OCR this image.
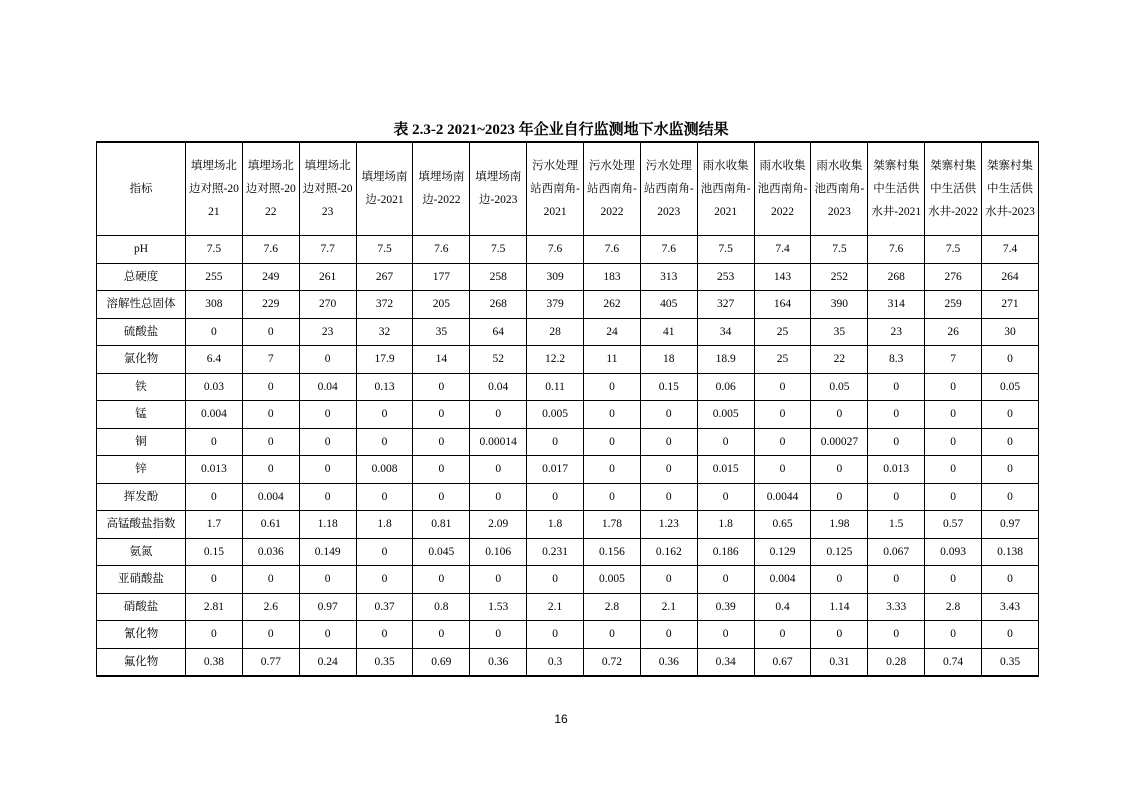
表 2.3-2 2021~2023 年企业自行监测地下水监测结果
指标	填埋场北边对照-2021	填埋场北边对照-2022	填埋场北边对照-2023	填埋场南边-2021	填埋场南边-2022	填埋场南边-2023	污水处理站西南角-2021	污水处理站西南角-2022	污水处理站西南角-2023	雨水收集池西南角-2021	雨水收集池西南角-2022	雨水收集池西南角-2023	桀寨村集中生活供水井-2021	桀寨村集中生活供水井-2022	桀寨村集中生活供水井-2023
pH	7.5	7.6	7.7	7.5	7.6	7.5	7.6	7.6	7.6	7.5	7.4	7.5	7.6	7.5	7.4
总硬度	255	249	261	267	177	258	309	183	313	253	143	252	268	276	264
溶解性总固体	308	229	270	372	205	268	379	262	405	327	164	390	314	259	271
硫酸盐	0	0	23	32	35	64	28	24	41	34	25	35	23	26	30
氯化物	6.4	7	0	17.9	14	52	12.2	11	18	18.9	25	22	8.3	7	0
铁	0.03	0	0.04	0.13	0	0.04	0.11	0	0.15	0.06	0	0.05	0	0	0.05
锰	0.004	0	0	0	0	0	0.005	0	0	0.005	0	0	0	0	0
铜	0	0	0	0	0	0.00014	0	0	0	0	0	0.00027	0	0	0
锌	0.013	0	0	0.008	0	0	0.017	0	0	0.015	0	0	0.013	0	0
挥发酚	0	0.004	0	0	0	0	0	0	0	0	0.0044	0	0	0	0
高锰酸盐指数	1.7	0.61	1.18	1.8	0.81	2.09	1.8	1.78	1.23	1.8	0.65	1.98	1.5	0.57	0.97
氨氮	0.15	0.036	0.149	0	0.045	0.106	0.231	0.156	0.162	0.186	0.129	0.125	0.067	0.093	0.138
亚硝酸盐	0	0	0	0	0	0	0	0.005	0	0	0.004	0	0	0	0
硝酸盐	2.81	2.6	0.97	0.37	0.8	1.53	2.1	2.8	2.1	0.39	0.4	1.14	3.33	2.8	3.43
氰化物	0	0	0	0	0	0	0	0	0	0	0	0	0	0	0
氟化物	0.38	0.77	0.24	0.35	0.69	0.36	0.3	0.72	0.36	0.34	0.67	0.31	0.28	0.74	0.35
16
